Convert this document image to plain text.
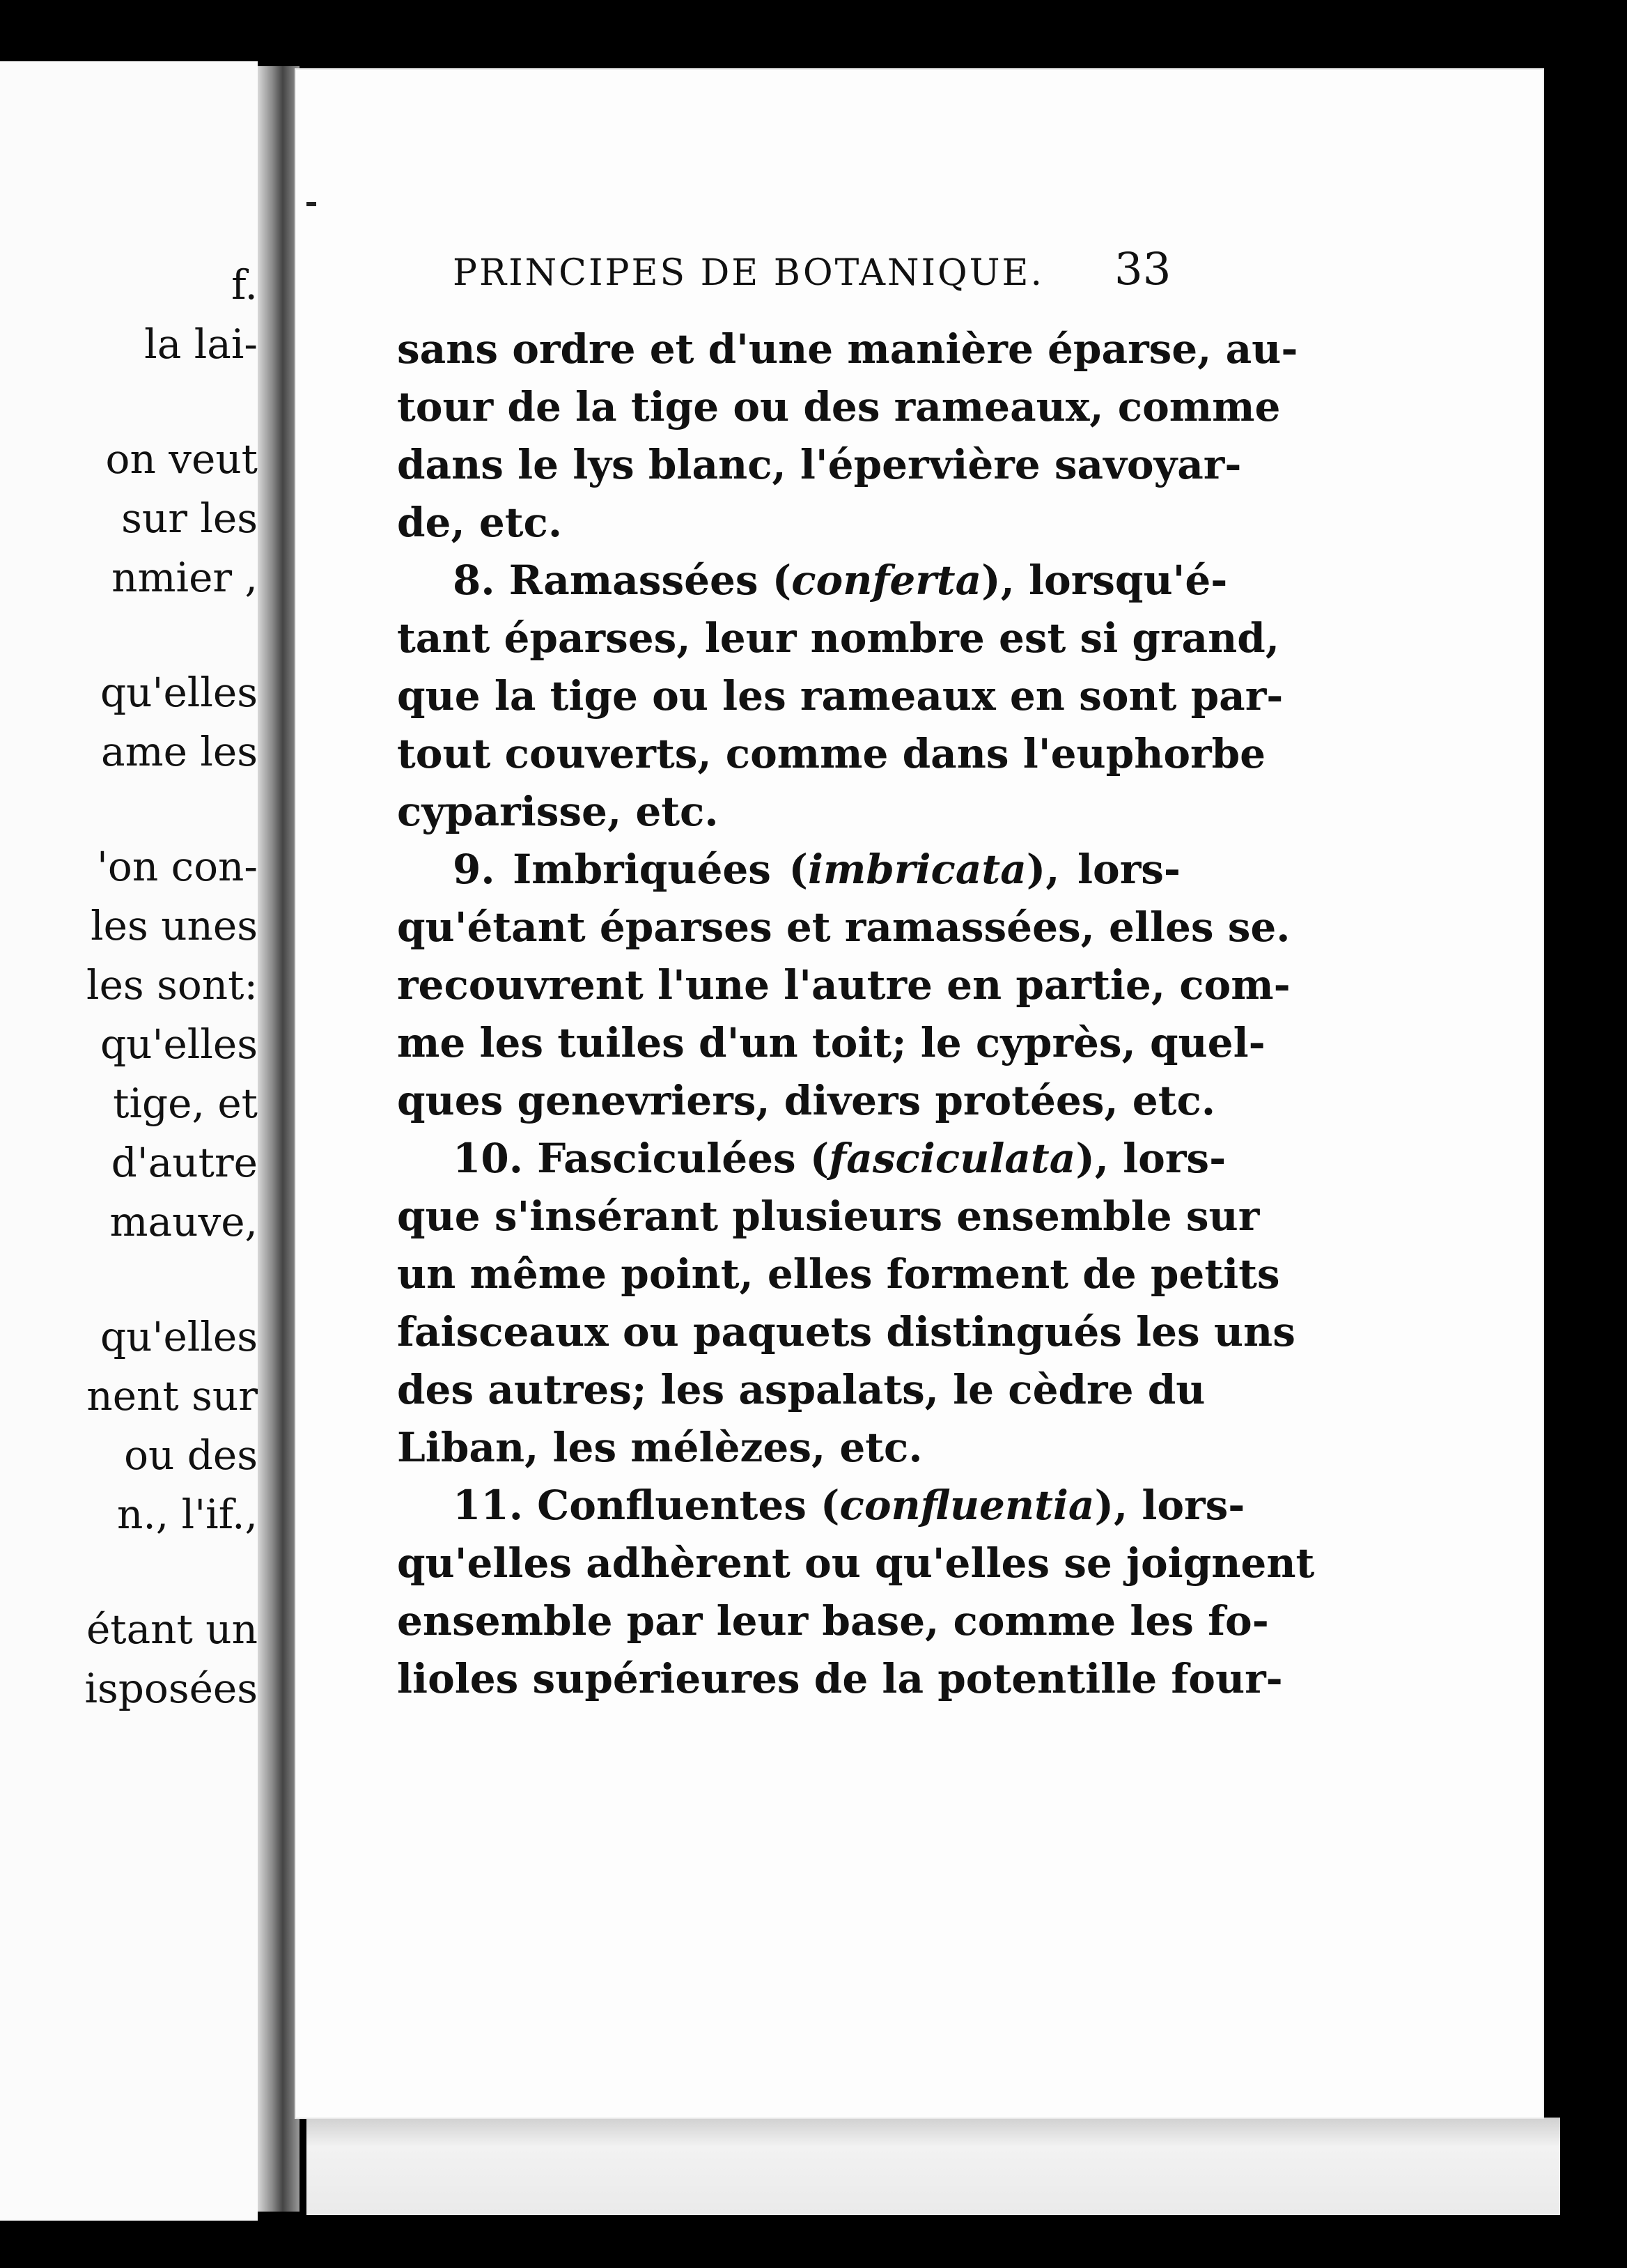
f.
la lai-
on veut
sur les
nmier ,
qu'elles
ame les
'on con-
les unes
les sont:
qu'elles
tige, et
d'autre
mauve,
qu'elles
nent sur
ou des
n., l'if.,
étant un
isposées
PRINCIPES DE BOTANIQUE.	33
sans ordre et d'une manière éparse, au-
tour de la tige ou des rameaux, comme
dans le lys blanc, l'épervière savoyar-
de, etc.
8. Ramassées (conferta), lorsqu'é-
tant éparses, leur nombre est si grand,
que la tige ou les rameaux en sont par-
tout couverts, comme dans l'euphorbe
cyparisse, etc.
9. Imbriquées (imbricata), lors-
qu'étant éparses et ramassées, elles se.
recouvrent l'une l'autre en partie, com-
me les tuiles d'un toit; le cyprès, quel-
ques genevriers, divers protées, etc.
10. Fasciculées (fasciculata), lors-
que s'insérant plusieurs ensemble sur
un même point, elles forment de petits
faisceaux ou paquets distingués les uns
des autres; les aspalats, le cèdre du
Liban, les mélèzes, etc.
11. Confluentes (confluentia), lors-
qu'elles adhèrent ou qu'elles se joignent
ensemble par leur base, comme les fo-
lioles supérieures de la potentille four-
